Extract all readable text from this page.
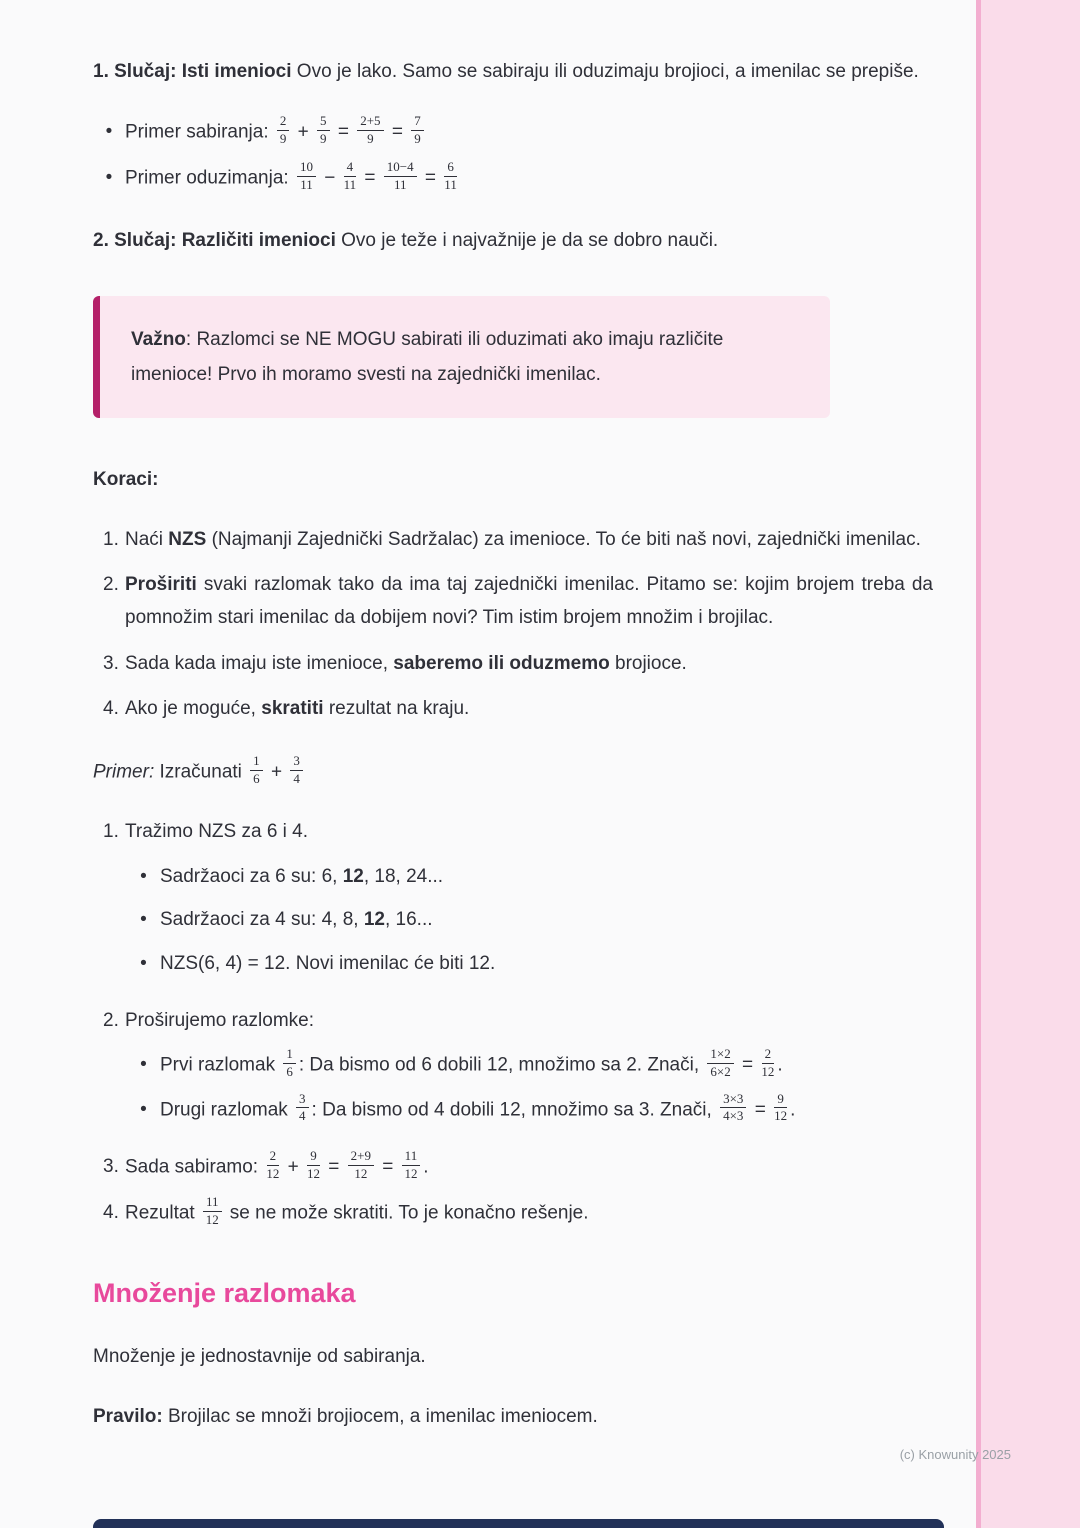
1. Slučaj: Isti imenioci Ovo je lako. Samo se sabiraju ili oduzimaju brojioci, a imenilac se prepiše.

• Primer sabiranja: $\frac{2}{9} + \frac{5}{9} = \frac{2+5}{9} = \frac{7}{9}$
• Primer oduzimanja: $\frac{10}{11} - \frac{4}{11} = \frac{10-4}{11} = \frac{6}{11}$

2. Slučaj: Različiti imenioci Ovo je teže i najvažnije je da se dobro nauči.

Važno: Razlomci se NE MOGU sabirati ili oduzimati ako imaju različite imenioce! Prvo ih moramo svesti na zajednički imenilac.

Koraci:

1. Naći NZS (Najmanji Zajednički Sadržalac) za imenioce. To će biti naš novi, zajednički imenilac.
2. Proširiti svaki razlomak tako da ima taj zajednički imenilac. Pitamo se: kojim brojem treba da pomnožim stari imenilac da dobijem novi? Tim istim brojem množim i brojilac.
3. Sada kada imaju iste imenioce, saberemo ili oduzmemo brojioce.
4. Ako je moguće, skratiti rezultat na kraju.

Primer: Izračunati $\frac{1}{6} + \frac{3}{4}$

1. Tražimo NZS za 6 i 4.
• Sadržaoci za 6 su: 6, 12, 18, 24...
• Sadržaoci za 4 su: 4, 8, 12, 16...
• NZS(6, 4) = 12. Novi imenilac će biti 12.
2. Proširujemo razlomke:
• Prvi razlomak $\frac{1}{6}$ : Da bismo od 6 dobili 12, množimo sa 2. Znači, $\frac{1\times 2}{6\times 2} = \frac{2}{12}$ .
• Drugi razlomak $\frac{3}{4}$ : Da bismo od 4 dobili 12, množimo sa 3. Znači, $\frac{3\times 3}{4\times 3} = \frac{9}{12}$ .
3. Sada sabiramo: $\frac{2}{12} + \frac{9}{12} = \frac{2+9}{12} = \frac{11}{12}$ .
4. Rezultat $\frac{11}{12}$ se ne može skratiti. To je konačno rešenje.
Množenje razlomaka

Množenje je jednostavnije od sabiranja.

Pravilo: Brojilac se množi brojiocem, a imenilac imeniocem.

(c) Knowunity 2025
